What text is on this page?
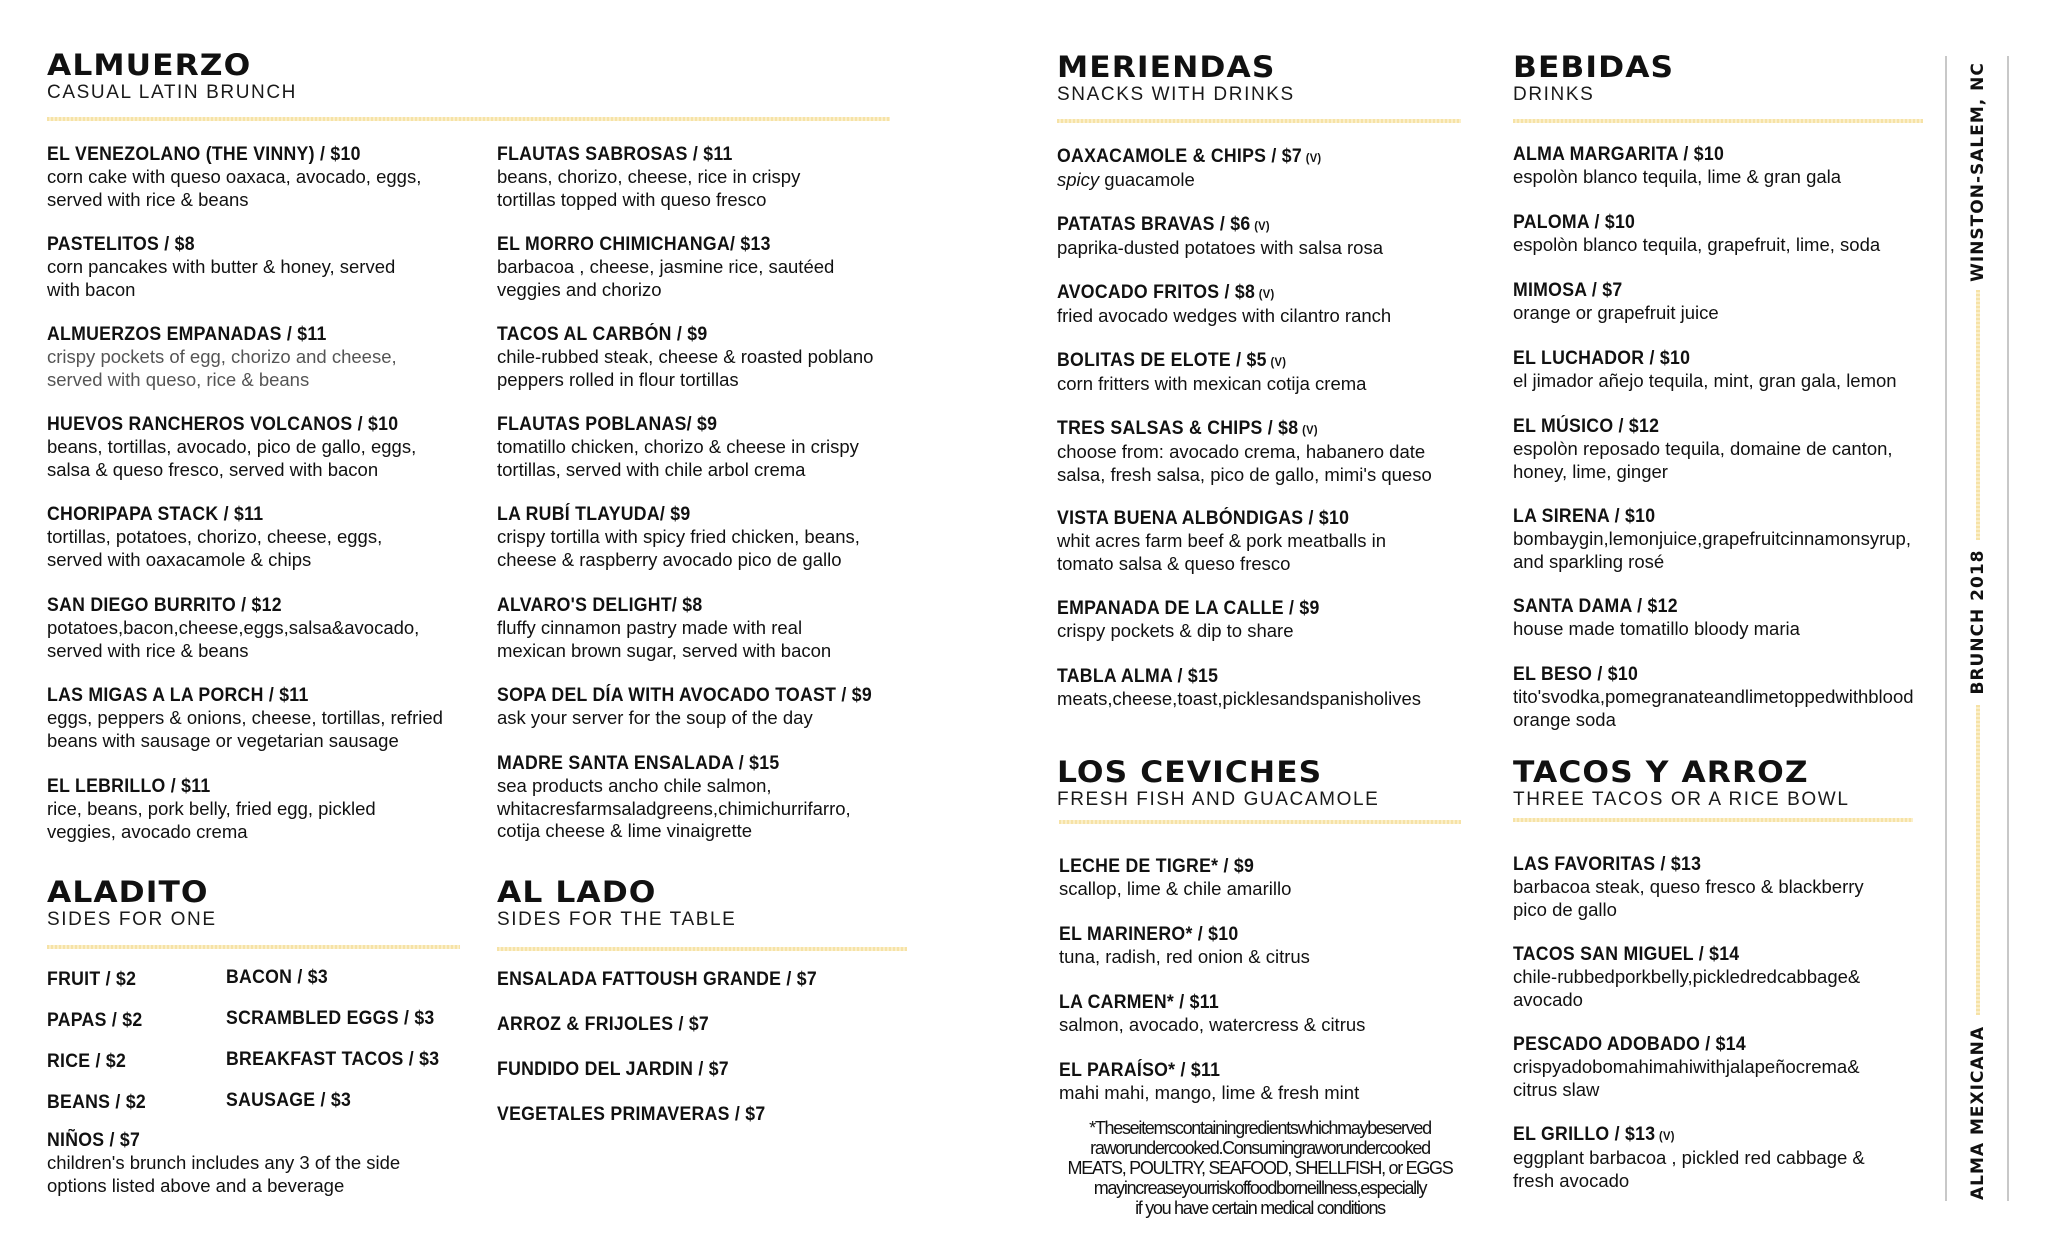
ALMUERZO
CASUAL LATIN BRUNCH
EL VENEZOLANO (THE VINNY) / $10
corn cake with queso oaxaca, avocado, eggs,
served with rice & beans
PASTELITOS / $8
corn pancakes with butter & honey, served
with bacon
ALMUERZOS EMPANADAS / $11
crispy pockets of egg, chorizo and cheese,
served with queso, rice & beans
HUEVOS RANCHEROS VOLCANOS / $10
beans, tortillas, avocado, pico de gallo, eggs,
salsa & queso fresco, served with bacon
CHORIPAPA STACK / $11
tortillas, potatoes, chorizo, cheese, eggs,
served with oaxacamole & chips
SAN DIEGO BURRITO / $12
potatoes,bacon,cheese,eggs,salsa&avocado,
served with rice & beans
LAS MIGAS A LA PORCH / $11
eggs, peppers & onions, cheese, tortillas, refried
beans with sausage or vegetarian sausage
EL LEBRILLO / $11
rice, beans, pork belly, fried egg, pickled
veggies, avocado crema
FLAUTAS SABROSAS / $11
beans, chorizo, cheese, rice in crispy
tortillas topped with queso fresco
EL MORRO CHIMICHANGA/ $13
barbacoa , cheese, jasmine rice, sautéed
veggies and chorizo
TACOS AL CARBÓN / $9
chile-rubbed steak, cheese & roasted poblano
peppers rolled in flour tortillas
FLAUTAS POBLANAS/ $9
tomatillo chicken, chorizo & cheese in crispy
tortillas, served with chile arbol crema
LA RUBÍ TLAYUDA/ $9
crispy tortilla with spicy fried chicken, beans,
cheese & raspberry avocado pico de gallo
ALVARO'S DELIGHT/ $8
fluffy cinnamon pastry made with real
mexican brown sugar, served with bacon
SOPA DEL DÍA WITH AVOCADO TOAST / $9
ask your server for the soup of the day
MADRE SANTA ENSALADA / $15
sea products ancho chile salmon,
whitacresfarmsaladgreens,chimichurrifarro,
cotija cheese & lime vinaigrette
ALADITO
SIDES FOR ONE
FRUIT / $2
PAPAS / $2
RICE / $2
BEANS / $2
BACON / $3
SCRAMBLED EGGS / $3
BREAKFAST TACOS / $3
SAUSAGE / $3
NIÑOS / $7
children's brunch includes any 3 of the side
options listed above and a beverage
AL LADO
SIDES FOR THE TABLE
ENSALADA FATTOUSH GRANDE / $7
ARROZ & FRIJOLES / $7
FUNDIDO DEL JARDIN / $7
VEGETALES PRIMAVERAS / $7
MERIENDAS
SNACKS WITH DRINKS
OAXACAMOLE & CHIPS / $7 (V)
spicy guacamole
PATATAS BRAVAS / $6 (V)
paprika-dusted potatoes with salsa rosa
AVOCADO FRITOS / $8 (V)
fried avocado wedges with cilantro ranch
BOLITAS DE ELOTE / $5 (V)
corn fritters with mexican cotija crema
TRES SALSAS & CHIPS / $8 (V)
choose from: avocado crema, habanero date
salsa, fresh salsa, pico de gallo, mimi's queso
VISTA BUENA ALBÓNDIGAS / $10
whit acres farm beef & pork meatballs in
tomato salsa & queso fresco
EMPANADA DE LA CALLE / $9
crispy pockets & dip to share
TABLA ALMA / $15
meats,cheese,toast,picklesandspanisholives
LOS CEVICHES
FRESH FISH AND GUACAMOLE
LECHE DE TIGRE* / $9
scallop, lime & chile amarillo
EL MARINERO* / $10
tuna, radish, red onion & citrus
LA CARMEN* / $11
salmon, avocado, watercress & citrus
EL PARAÍSO* / $11
mahi mahi, mango, lime & fresh mint
*Theseitemscontainingredientswhichmaybeserved
raworundercooked.Consumingraworundercooked
MEATS, POULTRY, SEAFOOD, SHELLFISH, or EGGS
mayincreaseyourriskoffoodborneillness,especially
if you have certain medical conditions
BEBIDAS
DRINKS
ALMA MARGARITA / $10
espolòn blanco tequila, lime & gran gala
PALOMA / $10
espolòn blanco tequila, grapefruit, lime, soda
MIMOSA / $7
orange or grapefruit juice
EL LUCHADOR / $10
el jimador añejo tequila, mint, gran gala, lemon
EL MÚSICO / $12
espolòn reposado tequila, domaine de canton,
honey, lime, ginger
LA SIRENA / $10
bombaygin,lemonjuice,grapefruitcinnamonsyrup,
and sparkling rosé
SANTA DAMA / $12
house made tomatillo bloody maria
EL BESO / $10
tito'svodka,pomegranateandlimetoppedwithblood
orange soda
TACOS Y ARROZ
THREE TACOS OR A RICE BOWL
LAS FAVORITAS / $13
barbacoa steak, queso fresco & blackberry
pico de gallo
TACOS SAN MIGUEL / $14
chile-rubbedporkbelly,pickledredcabbage&
avocado
PESCADO ADOBADO / $14
crispyadobomahimahiwithjalapeñocrema&
citrus slaw
EL GRILLO / $13 (V)
eggplant barbacoa , pickled red cabbage &
fresh avocado
WINSTON-SALEM, NC
BRUNCH 2018
ALMA MEXICANA
